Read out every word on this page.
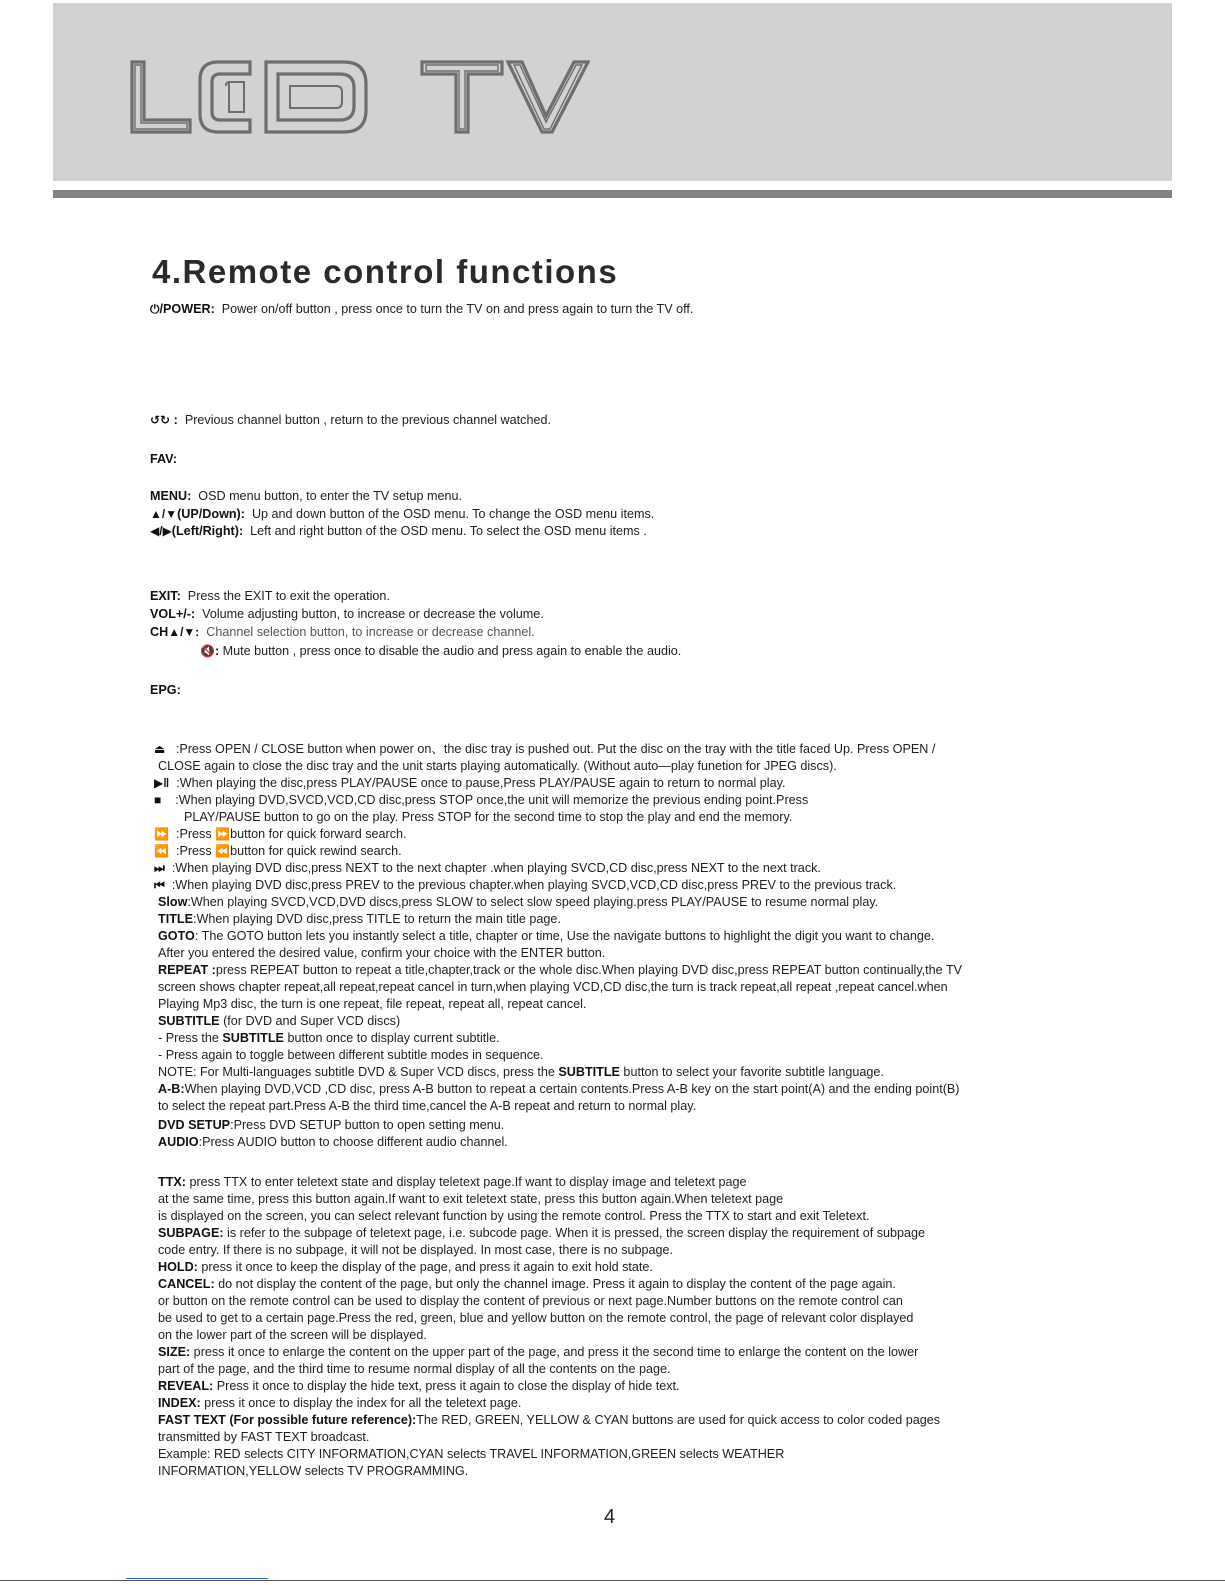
4.Remote control functions
⏻/POWER: Power on/off button , press once to turn the TV on and press again to turn the TV off.
↺↻ : Previous channel button , return to the previous channel watched.
FAV:
MENU: OSD menu button, to enter the TV setup menu.
▲/▼(UP/Down): Up and down button of the OSD menu. To change the OSD menu items.
◀/▶(Left/Right): Left and right button of the OSD menu. To select the OSD menu items .
EXIT: Press the EXIT to exit the operation.
VOL+/-: Volume adjusting button, to increase or decrease the volume.
CH▲/▼: Channel selection button, to increase or decrease channel.
🔇: Mute button , press once to disable the audio and press again to enable the audio.
EPG:
⏏ :Press OPEN / CLOSE button when power on、the disc tray is pushed out. Put the disc on the tray with the title faced Up. Press OPEN /
CLOSE again to close the disc tray and the unit starts playing automatically. (Without auto—play funetion for JPEG discs).
▶‖ :When playing the disc,press PLAY/PAUSE once to pause,Press PLAY/PAUSE again to return to normal play.
■ :When playing DVD,SVCD,VCD,CD disc,press STOP once,the unit will memorize the previous ending point.Press
PLAY/PAUSE button to go on the play. Press STOP for the second time to stop the play and end the memory.
⏩ :Press ⏩button for quick forward search.
⏪ :Press ⏪button for quick rewind search.
⏭ :When playing DVD disc,press NEXT to the next chapter .when playing SVCD,CD disc,press NEXT to the next track.
⏮ :When playing DVD disc,press PREV to the previous chapter.when playing SVCD,VCD,CD disc,press PREV to the previous track.
Slow:When playing SVCD,VCD,DVD discs,press SLOW to select slow speed playing.press PLAY/PAUSE to resume normal play.
TITLE:When playing DVD disc,press TITLE to return the main title page.
GOTO: The GOTO button lets you instantly select a title, chapter or time, Use the navigate buttons to highlight the digit you want to change.
After you entered the desired value, confirm your choice with the ENTER button.
REPEAT :press REPEAT button to repeat a title,chapter,track or the whole disc.When playing DVD disc,press REPEAT button continually,the TV
screen shows chapter repeat,all repeat,repeat cancel in turn,when playing VCD,CD disc,the turn is track repeat,all repeat ,repeat cancel.when
Playing Mp3 disc, the turn is one repeat, file repeat, repeat all, repeat cancel.
SUBTITLE (for DVD and Super VCD discs)
- Press the SUBTITLE button once to display current subtitle.
- Press again to toggle between different subtitle modes in sequence.
NOTE: For Multi-languages subtitle DVD & Super VCD discs, press the SUBTITLE button to select your favorite subtitle language.
A-B:When playing DVD,VCD ,CD disc, press A-B button to repeat a certain contents.Press A-B key on the start point(A) and the ending point(B)
to select the repeat part.Press A-B the third time,cancel the A-B repeat and return to normal play.
DVD SETUP:Press DVD SETUP button to open setting menu.
AUDIO:Press AUDIO button to choose different audio channel.
TTX: press TTX to enter teletext state and display teletext page.If want to display image and teletext page
at the same time, press this button again.If want to exit teletext state, press this button again.When teletext page
is displayed on the screen, you can select relevant function by using the remote control. Press the TTX to start and exit Teletext.
SUBPAGE: is refer to the subpage of teletext page, i.e. subcode page. When it is pressed, the screen display the requirement of subpage
code entry. If there is no subpage, it will not be displayed. In most case, there is no subpage.
HOLD: press it once to keep the display of the page, and press it again to exit hold state.
CANCEL: do not display the content of the page, but only the channel image. Press it again to display the content of the page again.
or button on the remote control can be used to display the content of previous or next page.Number buttons on the remote control can
be used to get to a certain page.Press the red, green, blue and yellow button on the remote control, the page of relevant color displayed
on the lower part of the screen will be displayed.
SIZE: press it once to enlarge the content on the upper part of the page, and press it the second time to enlarge the content on the lower
part of the page, and the third time to resume normal display of all the contents on the page.
REVEAL: Press it once to display the hide text, press it again to close the display of hide text.
INDEX: press it once to display the index for all the teletext page.
FAST TEXT (For possible future reference):The RED, GREEN, YELLOW & CYAN buttons are used for quick access to color coded pages
transmitted by FAST TEXT broadcast.
Example: RED selects CITY INFORMATION,CYAN selects TRAVEL INFORMATION,GREEN selects WEATHER
INFORMATION,YELLOW selects TV PROGRAMMING.
4
